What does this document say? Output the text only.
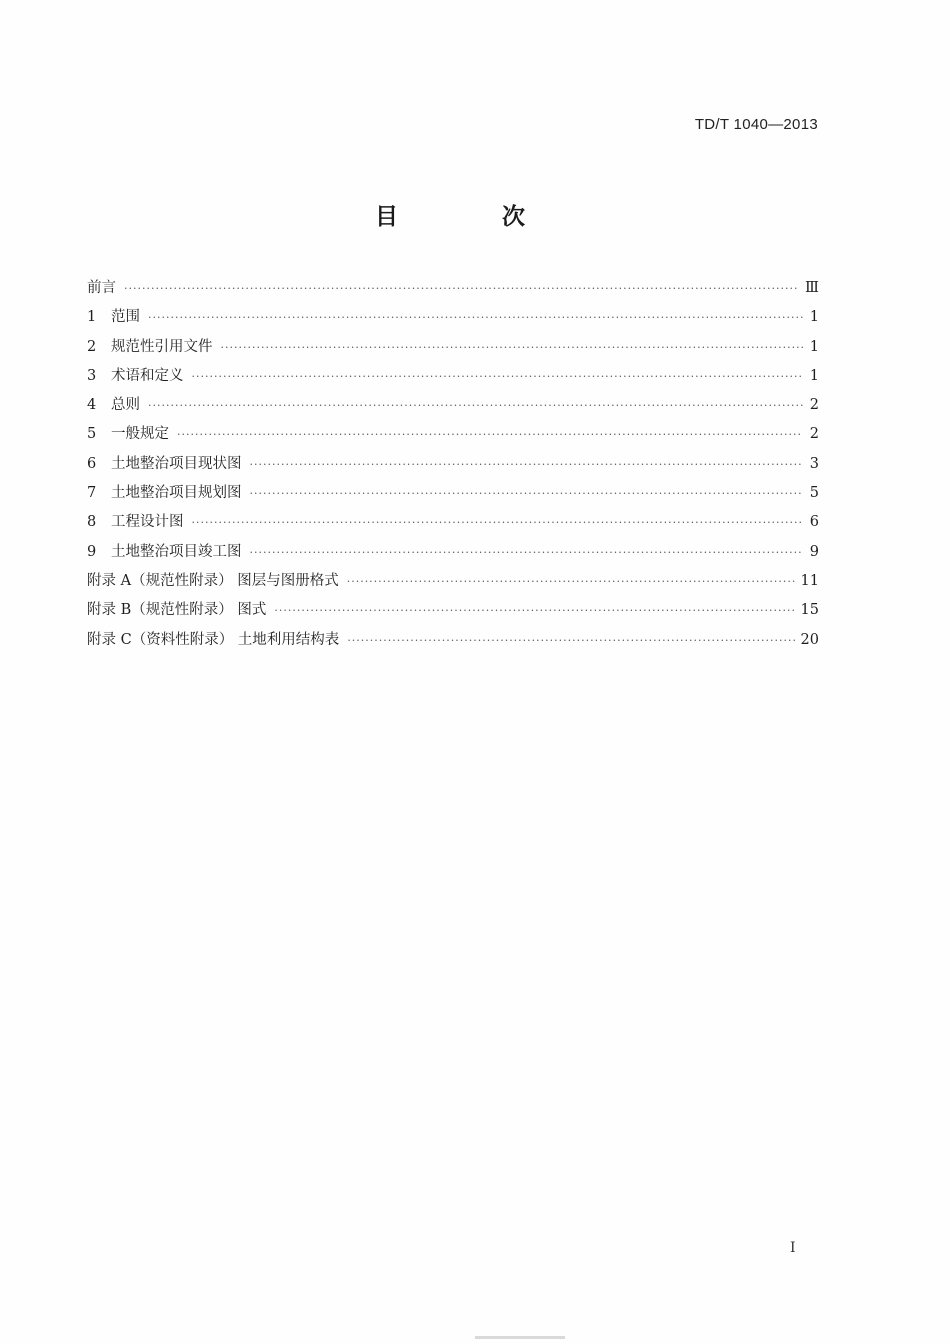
TD/T 1040—2013
目 次
前言 ·····	Ⅲ
1	范围 ·····	1
2	规范性引用文件 ·····	1
3	术语和定义 ·····	1
4	总则 ·····	2
5	一般规定 ·····	2
6	土地整治项目现状图 ·····	3
7	土地整治项目规划图 ·····	5
8	工程设计图 ·····	6
9	土地整治项目竣工图 ·····	9
附录 A（规范性附录） 图层与图册格式 ·····	11
附录 B（规范性附录） 图式 ·····	15
附录 C（资料性附录） 土地利用结构表 ·····	20
I
